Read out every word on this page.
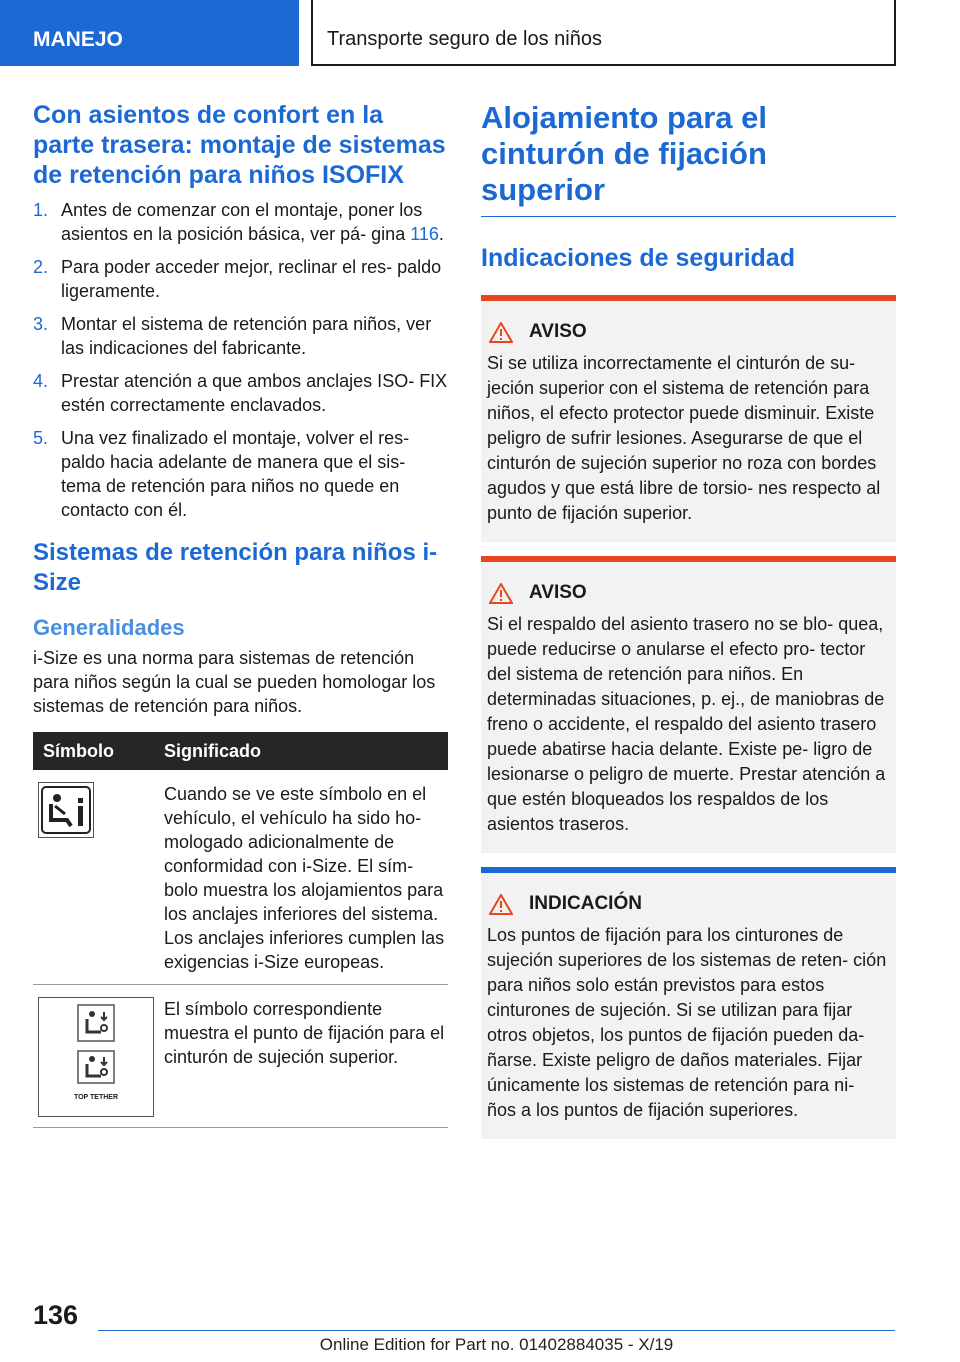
MANEJO	Transporte seguro de los niños
Con asientos de confort en la parte trasera: montaje de sistemas de retención para niños ISOFIX
1. Antes de comenzar con el montaje, poner los asientos en la posición básica, ver pá‐ gina 116.
2. Para poder acceder mejor, reclinar el res‐ paldo ligeramente.
3. Montar el sistema de retención para niños, ver las indicaciones del fabricante.
4. Prestar atención a que ambos anclajes ISO‐ FIX estén correctamente enclavados.
5. Una vez finalizado el montaje, volver el res‐ paldo hacia adelante de manera que el sis‐ tema de retención para niños no quede en contacto con él.
Sistemas de retención para niños i-Size
Generalidades

i-Size es una norma para sistemas de retención para niños según la cual se pueden homologar los sistemas de retención para niños.

Símbolo	Significado

	Cuando se ve este símbolo en el vehículo, el vehículo ha sido ho‐ mologado adicionalmente de conformidad con i-Size. El sím‐ bolo muestra los alojamientos para los anclajes inferiores del sistema. Los anclajes inferiores cumplen las exigencias i-Size europeas.

TOP TETHER	El símbolo correspondiente muestra el punto de fijación para el cinturón de sujeción superior.
Alojamiento para el cinturón de fijación superior
Indicaciones de seguridad
AVISO

Si se utiliza incorrectamente el cinturón de su‐ jeción superior con el sistema de retención para niños, el efecto protector puede disminuir. Existe peligro de sufrir lesiones. Asegurarse de que el cinturón de sujeción superior no roza con bordes agudos y que está libre de torsio‐ nes respecto al punto de fijación superior.

AVISO

Si el respaldo del asiento trasero no se blo‐ quea, puede reducirse o anularse el efecto pro‐ tector del sistema de retención para niños. En determinadas situaciones, p. ej., de maniobras de freno o accidente, el respaldo del asiento trasero puede abatirse hacia delante. Existe pe‐ ligro de lesionarse o peligro de muerte. Prestar atención a que estén bloqueados los respaldos de los asientos traseros.

INDICACIÓN

Los puntos de fijación para los cinturones de sujeción superiores de los sistemas de reten‐ ción para niños solo están previstos para estos cinturones de sujeción. Si se utilizan para fijar otros objetos, los puntos de fijación pueden da‐ ñarse. Existe peligro de daños materiales. Fijar únicamente los sistemas de retención para ni‐ ños a los puntos de fijación superiores.

136
Online Edition for Part no. 01402884035 - X/19
